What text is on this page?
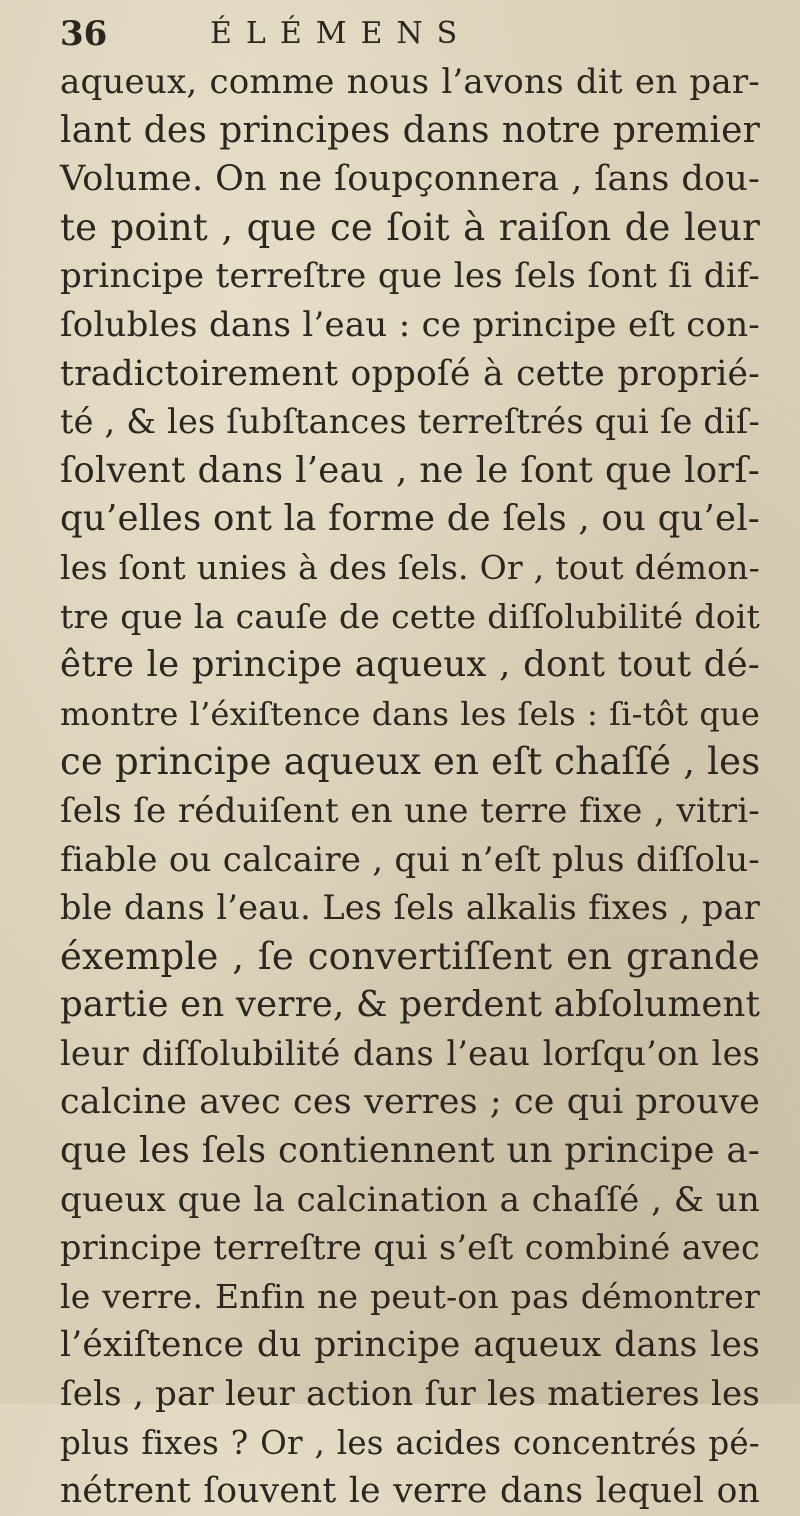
36	ÉLÉMENS
aqueux, comme nous l’avons dit en par-
lant des principes dans notre premier
Volume. On ne ſoupçonnera , ſans dou-
te point , que ce ſoit à raiſon de leur
principe terreſtre que les ſels ſont ſi dif-
ſolubles dans l’eau : ce principe eſt con-
tradictoirement oppoſé à cette proprié-
té , & les ſubſtances terreſtrés qui ſe diſ-
ſolvent dans l’eau , ne le ſont que lorſ-
qu’elles ont la forme de ſels , ou qu’el-
les ſont unies à des ſels. Or , tout démon-
tre que la cauſe de cette diſſolubilité doit
être le principe aqueux , dont tout dé-
montre l’éxiſtence dans les ſels : ſi-tôt que
ce principe aqueux en eſt chaſſé , les
ſels ſe réduiſent en une terre fixe , vitri-
fiable ou calcaire , qui n’eſt plus diſſolu-
ble dans l’eau. Les ſels alkalis fixes , par
éxemple , ſe convertiſſent en grande
partie en verre, & perdent abſolument
leur diſſolubilité dans l’eau lorſqu’on les
calcine avec ces verres ; ce qui prouve
que les ſels contiennent un principe a-
queux que la calcination a chaſſé , & un
principe terreſtre qui s’eſt combiné avec
le verre. Enfin ne peut-on pas démontrer
l’éxiſtence du principe aqueux dans les
ſels , par leur action ſur les matieres les
plus fixes ? Or , les acides concentrés pé-
nétrent ſouvent le verre dans lequel on
